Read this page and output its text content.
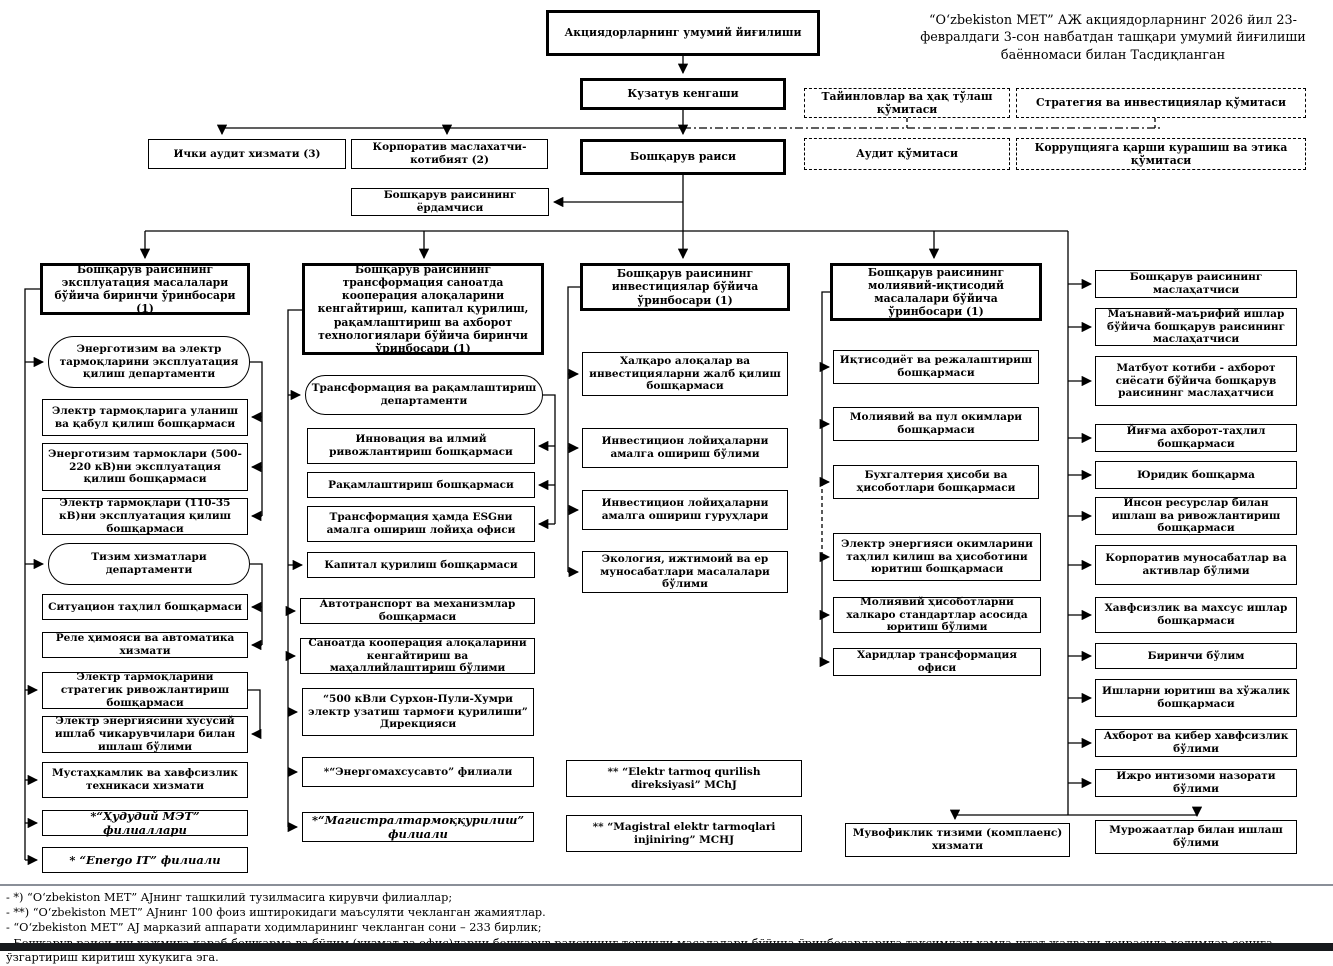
Акциядорларнинг умумий йиғилиши
“O‘zbekiston MET” АЖ акциядорларнинг 2026 йил 23-февралдаги 3-сон навбатдан ташқари умумий йиғилиши баённомаси билан Тасдиқланган
Кузатув кенгаши	Тайинловлар ва ҳақ тўлаш қўмитаси
Стратегия ва инвестициялар қўмитаси
Аудит қўмитаси
Коррупцияга қарши курашиш ва этика қўмитаси
Ички аудит хизмати (3)
Корпоратив маслахатчи-котибият (2)	Бошқарув раиси
Бошқарув раисининг ёрдамчиси
Бошқарув раисининг эксплуатация масалалари бўйича биринчи ўринбосари (1)
Энерготизим ва электр тармоқларини эксплуатация қилиш департаменти
Электр тармоқларига уланиш ва қабул қилиш бошқармаси
Энерготизим тармоклари (500-220 кВ)ни эксплуатация қилиш бошқармаси
Электр тармоқлари (110-35 кВ)ни эксплуатация қилиш бошқармаси
Тизим хизматлари департаменти
Ситуацион таҳлил бошқармаси
Реле ҳимояси ва автоматика хизмати
Электр тармоқларини стратегик ривожлантириш бошқармаси
Электр энергиясини хусусий ишлаб чикарувчилари билан ишлаш бўлими
Мустаҳкамлик ва хавфсизлик техникаси хизмати
*“Ҳудудий МЭТ” филиаллари
* “Energo IT” филиали
Бошқарув раисининг трансформация саноатда кооперация алоқаларини кенгайтириш, капитал қурилиш, рақамлаштириш ва ахборот технологиялари бўйича биринчи ўринбосари (1)
Трансформация ва рақамлаштириш департаменти
Инновация ва илмий ривожлантириш бошқармаси
Рақамлаштириш бошқармаси
Трансформация ҳамда ESGни амалга ошириш лойиҳа офиси
Капитал қурилиш бошқармаси
Автотранспорт ва механизмлар бошқармаси
Саноатда кооперация алоқаларини кенгайтириш ва маҳаллийлаштириш бўлими
“500 кВли Сурхон-Пули-Хумри электр узатиш тармоғи қурилиши” Дирекцияси
*“Энергомахсусавто” филиали
*“Магистралтармоққурилиш” филиали
Бошқарув раисининг инвестициялар бўйича ўринбосари (1)
Халқаро алоқалар ва инвестицияларни жалб қилиш бошқармаси
Инвестицион лойиҳаларни амалга ошириш бўлими
Инвестицион лойиҳаларни амалга ошириш гуруҳлари
Экология, ижтимоий ва ер муносабатлари масалалари бўлими
** “Elektr tarmoq qurilish direksiyasi” MChJ
** “Magistral elektr tarmoqlari injiniring” MCHJ
Бошқарув раисининг молиявий-иқтисодий масалалари бўйича ўринбосари (1)
Иқтисодиёт ва режалаштириш бошқармаси
Молиявий ва пул окимлари бошқармаси
Бухгалтерия ҳисоби ва ҳисоботлари бошқармаси
Электр энергияси окимларини таҳлил килиш ва ҳисоботини юритиш бошқармаси
Молиявий ҳисоботларни халкаро стандартлар асосида юритиш бўлими
Харидлар трансформация офиси
Бошқарув раисининг маслаҳатчиси
Маънавий-маърифий ишлар бўйича бошқарув раисининг маслаҳатчиси
Матбуот котиби - ахборот сиёсати бўйича бошқарув раисининг маслаҳатчиси
Йиғма ахборот-таҳлил бошқармаси
Юридик бошқарма
Инсон ресурслар билан ишлаш ва ривожлантириш бошқармаси
Корпоратив муносабатлар ва активлар бўлими
Хавфсизлик ва махсус ишлар бошқармаси
Биринчи бўлим
Ишларни юритиш ва хўжалик бошқармаси
Ахборот ва кибер хавфсизлик бўлими
Ижро интизоми назорати бўлими
Мурожаатлар билан ишлаш бўлими
Мувофиклик тизими (комплаенс) хизмати
- *) “O‘zbekiston MET” AJнинг ташкилий тузилмасига кирувчи филиаллар;
- **) “O‘zbekiston MET” AJнинг 100 фоиз иштирокидаги маъсуляти чекланган жамиятлар.
- “O‘zbekiston MET” AJ марказий аппарати ходимларининг чекланган сони – 233 бирлик;
ўзгартириш киритиш хукукига эга.
